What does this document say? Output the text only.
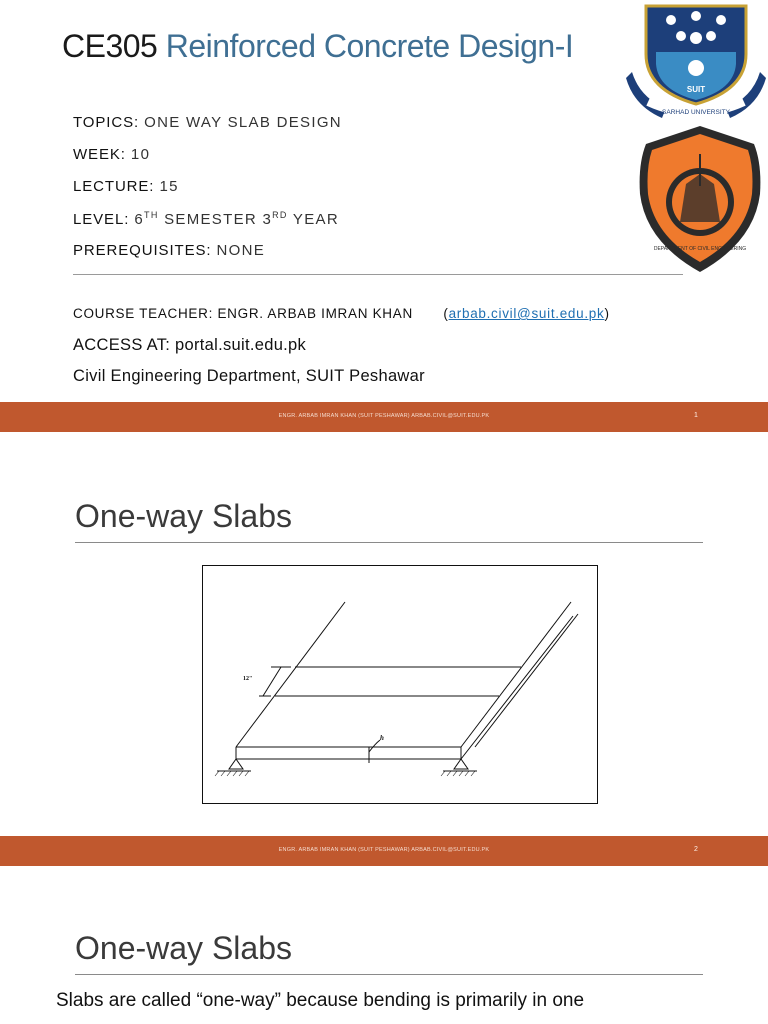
CE305 Reinforced Concrete Design-I
SUIT
SARHAD UNIVERSITY
DEPARTMENT OF CIVIL ENGINEERING
TOPICS: ONE WAY SLAB DESIGN
WEEK: 10
LECTURE: 15
LEVEL: 6TH SEMESTER 3RD YEAR
PREREQUISITES: NONE
COURSE TEACHER: ENGR. ARBAB IMRAN KHAN (arbab.civil@suit.edu.pk)
ACCESS AT: portal.suit.edu.pk
Civil Engineering Department, SUIT Peshawar
ENGR. ARBAB IMRAN KHAN (SUIT PESHAWAR) ARBAB.CIVIL@SUIT.EDU.PK	1
One-way Slabs
12"
h
ENGR. ARBAB IMRAN KHAN (SUIT PESHAWAR) ARBAB.CIVIL@SUIT.EDU.PK	2
One-way Slabs
Slabs are called “one-way” because bending is primarily in one
